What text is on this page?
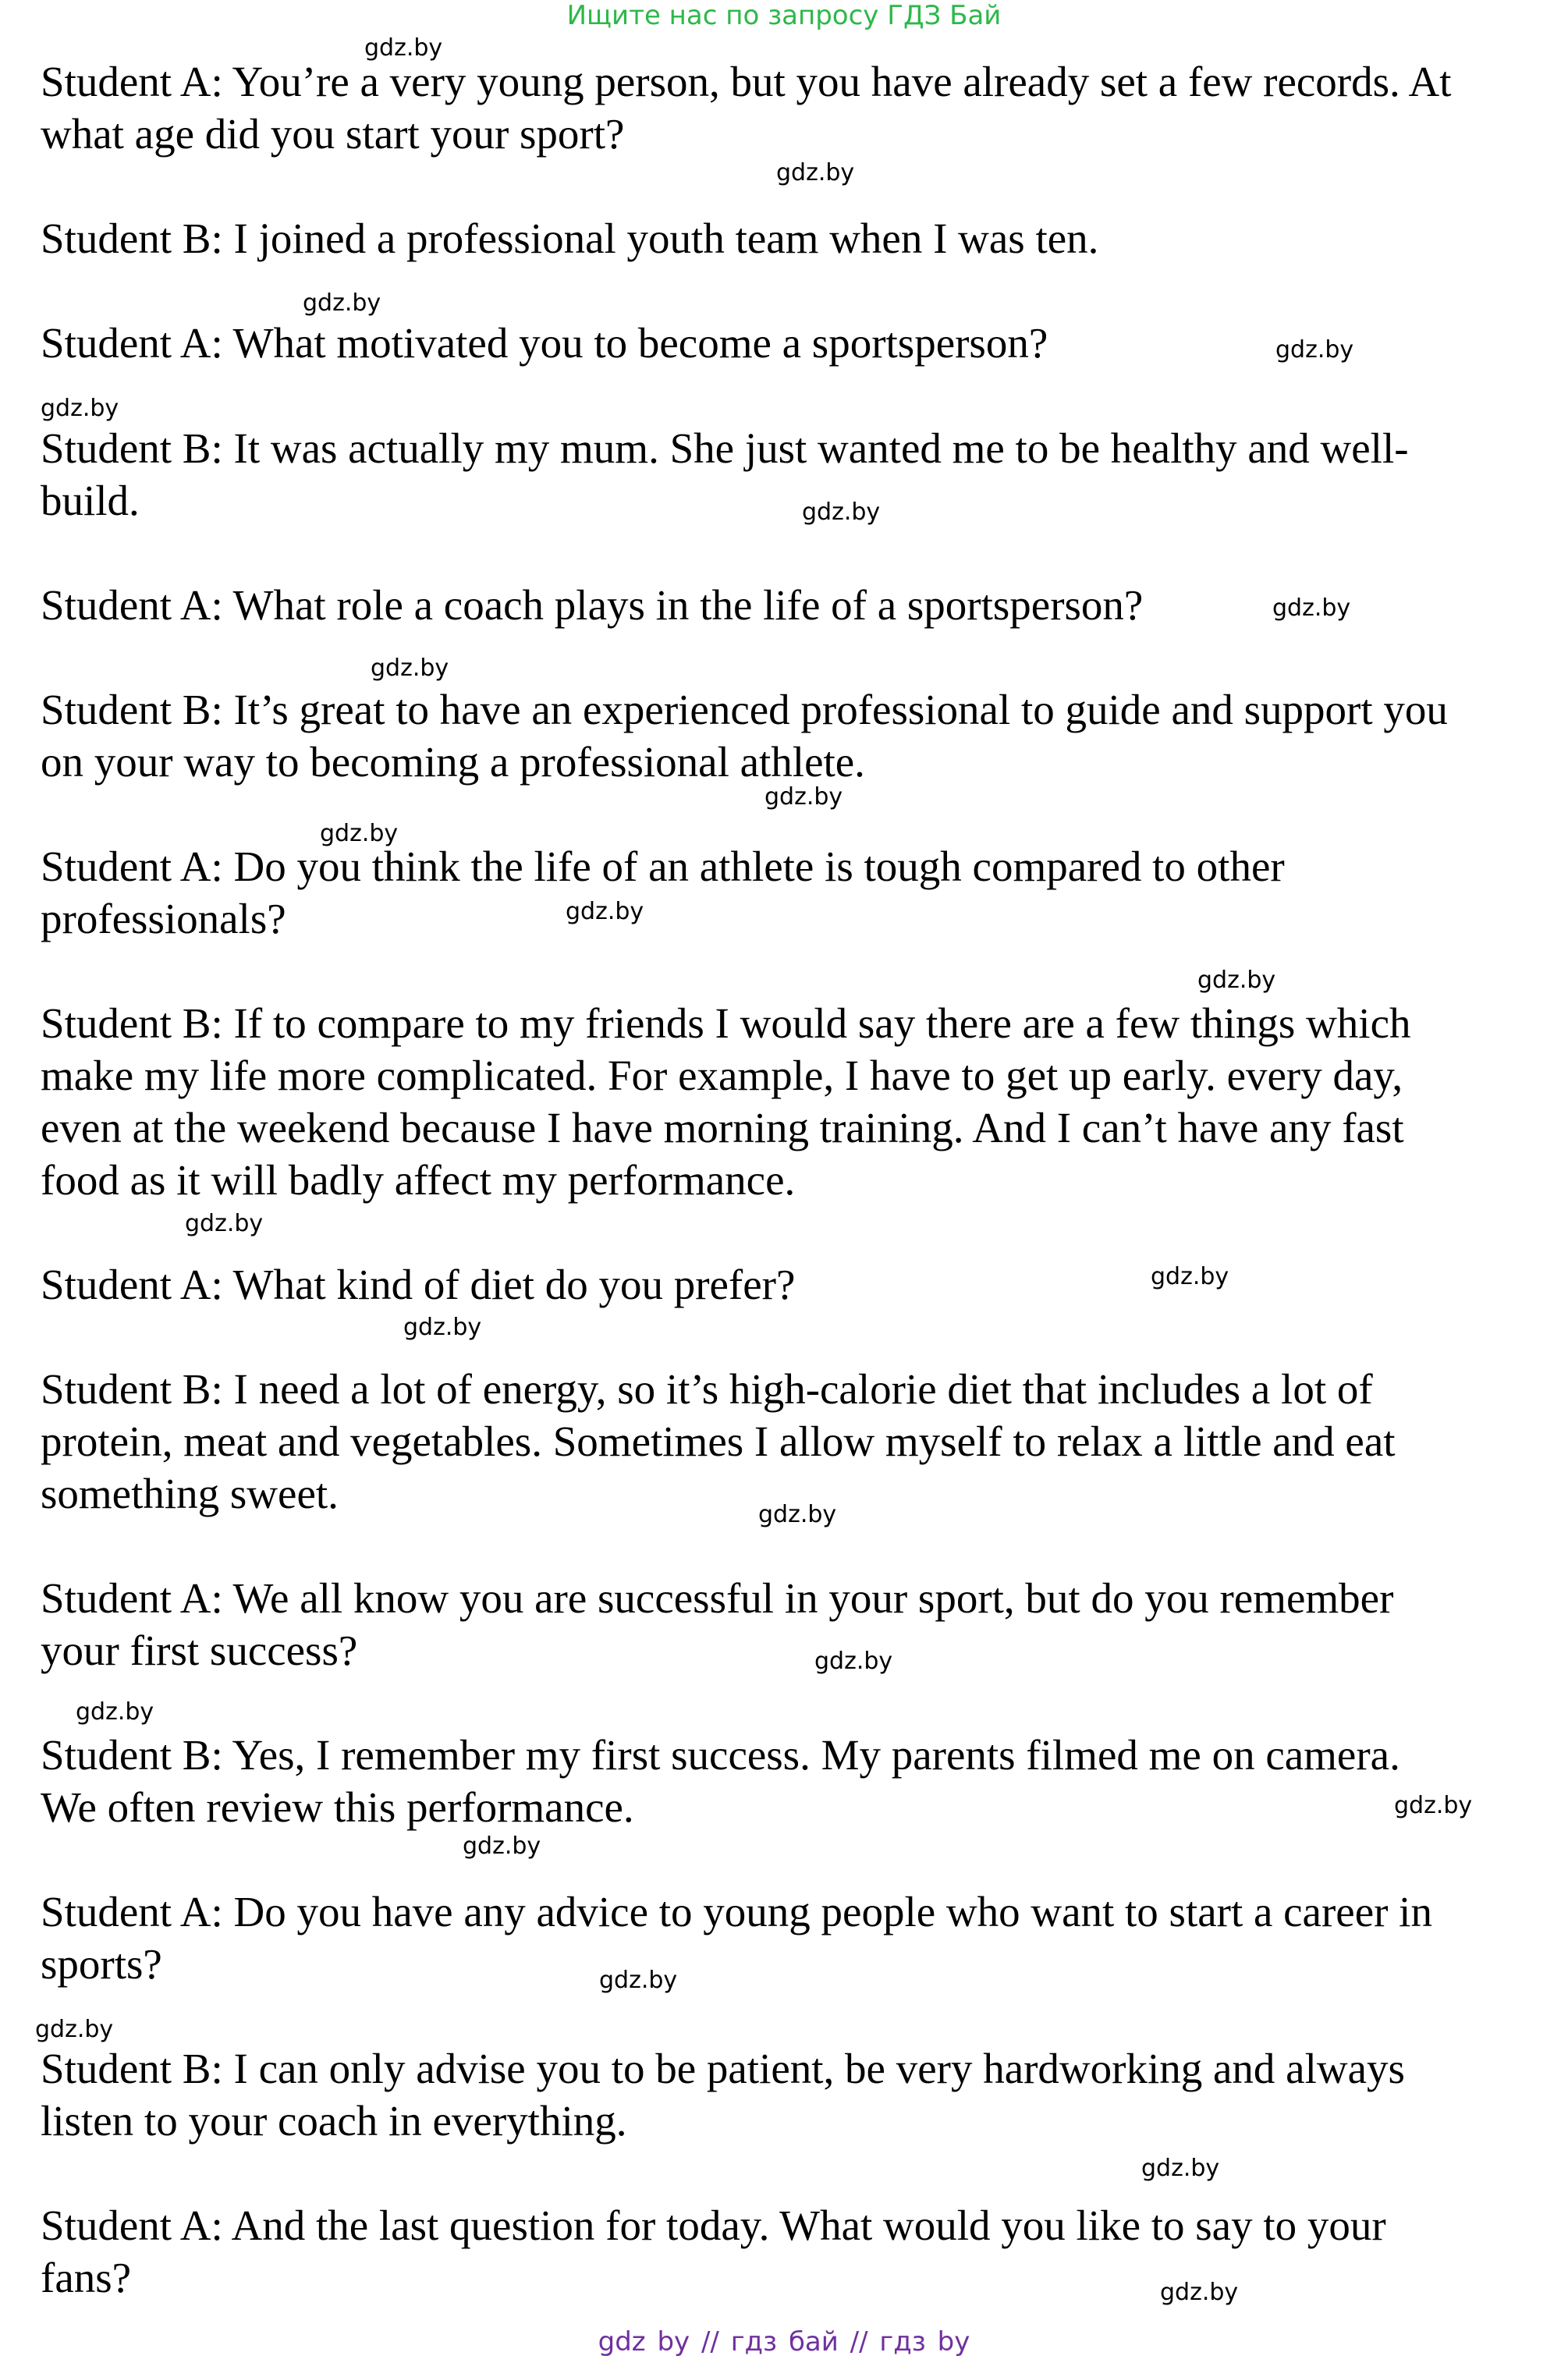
Ищите нас по запросу ГДЗ Бай
Student A: You’re a very young person, but you have already set a few records. At
what age did you start your sport?
Student B: I joined a professional youth team when I was ten.
Student A: What motivated you to become a sportsperson?
Student B: It was actually my mum. She just wanted me to be healthy and well-
build.
Student A: What role a coach plays in the life of a sportsperson?
Student B: It’s great to have an experienced professional to guide and support you
on your way to becoming a professional athlete.
Student A: Do you think the life of an athlete is tough compared to other
professionals?
Student B: If to compare to my friends I would say there are a few things which
make my life more complicated. For example, I have to get up early. every day,
even at the weekend because I have morning training. And I can’t have any fast
food as it will badly affect my performance.
Student A: What kind of diet do you prefer?
Student B: I need a lot of energy, so it’s high-calorie diet that includes a lot of
protein, meat and vegetables. Sometimes I allow myself to relax a little and eat
something sweet.
Student A: We all know you are successful in your sport, but do you remember
your first success?
Student B: Yes, I remember my first success. My parents filmed me on camera.
We often review this performance.
Student A: Do you have any advice to young people who want to start a career in
sports?
Student B: I can only advise you to be patient, be very hardworking and always
listen to your coach in everything.
Student A: And the last question for today. What would you like to say to your
fans?
gdz.by
gdz.by
gdz.by
gdz.by
gdz.by
gdz.by
gdz.by
gdz.by
gdz.by
gdz.by
gdz.by
gdz.by
gdz.by
gdz.by
gdz.by
gdz.by
gdz.by
gdz.by
gdz.by
gdz.by
gdz.by
gdz.by
gdz.by
gdz.by
gdz by // гдз бай // гдз by
